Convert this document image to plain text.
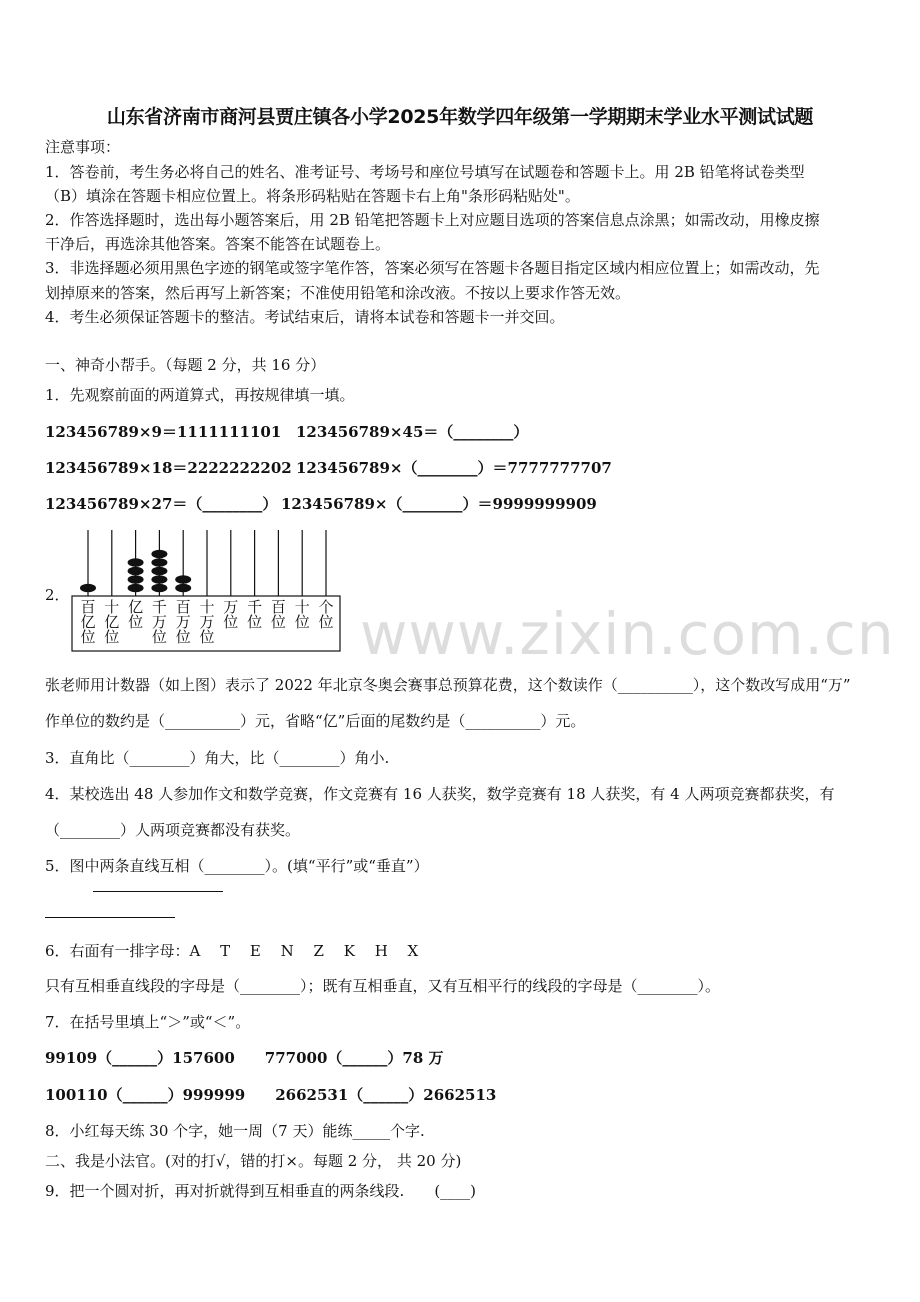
www.zixin.com.cn
山东省济南市商河县贾庄镇各小学2025年数学四年级第一学期期末学业水平测试试题
注意事项：
1．答卷前，考生务必将自己的姓名、准考证号、考场号和座位号填写在试题卷和答题卡上。用 2B 铅笔将试卷类型
（B）填涂在答题卡相应位置上。将条形码粘贴在答题卡右上角"条形码粘贴处"。
2．作答选择题时，选出每小题答案后，用 2B 铅笔把答题卡上对应题目选项的答案信息点涂黑；如需改动，用橡皮擦
干净后，再选涂其他答案。答案不能答在试题卷上。
3．非选择题必须用黑色字迹的钢笔或签字笔作答，答案必须写在答题卡各题目指定区域内相应位置上；如需改动，先
划掉原来的答案，然后再写上新答案；不准使用铅笔和涂改液。不按以上要求作答无效。
4．考生必须保证答题卡的整洁。考试结束后，请将本试卷和答题卡一并交回。
一、神奇小帮手。（每题 2 分，共 16 分）
1．先观察前面的两道算式，再按规律填一填。
123456789×9＝1111111101 123456789×45＝（________）
123456789×18＝2222222202 123456789×（________）＝7777777707
123456789×27＝（________） 123456789×（________）＝9999999909
2．
百
亿
位
十
亿
位
亿
位
千
万
位
百
万
位
十
万
位
万
位
千
位
百
位
十
位
个
位
张老师用计数器（如上图）表示了 2022 年北京冬奥会赛事总预算花费，这个数读作（__________），这个数改写成用“万”
作单位的数约是（__________）元，省略“亿”后面的尾数约是（__________）元。
3．直角比（________）角大，比（________）角小.
4．某校选出 48 人参加作文和数学竞赛，作文竞赛有 16 人获奖，数学竞赛有 18 人获奖，有 4 人两项竞赛都获奖，有
（________）人两项竞赛都没有获奖。
5．图中两条直线互相（________）。(填“平行”或“垂直”）
6．右面有一排字母：A　 T　 E　 N　 Z　 K　 H　 X
只有互相垂直线段的字母是（________）；既有互相垂直，又有互相平行的线段的字母是（________）。
7．在括号里填上“＞”或“＜”。
99109（______）157600　　777000（______）78 万
100110（______）999999　　2662531（______）2662513
8．小红每天练 30 个字，她一周（7 天）能练_____个字.
二、我是小法官。(对的打√，错的打×。每题 2 分， 共 20 分)
9．把一个圆对折，再对折就得到互相垂直的两条线段.　　(____)
